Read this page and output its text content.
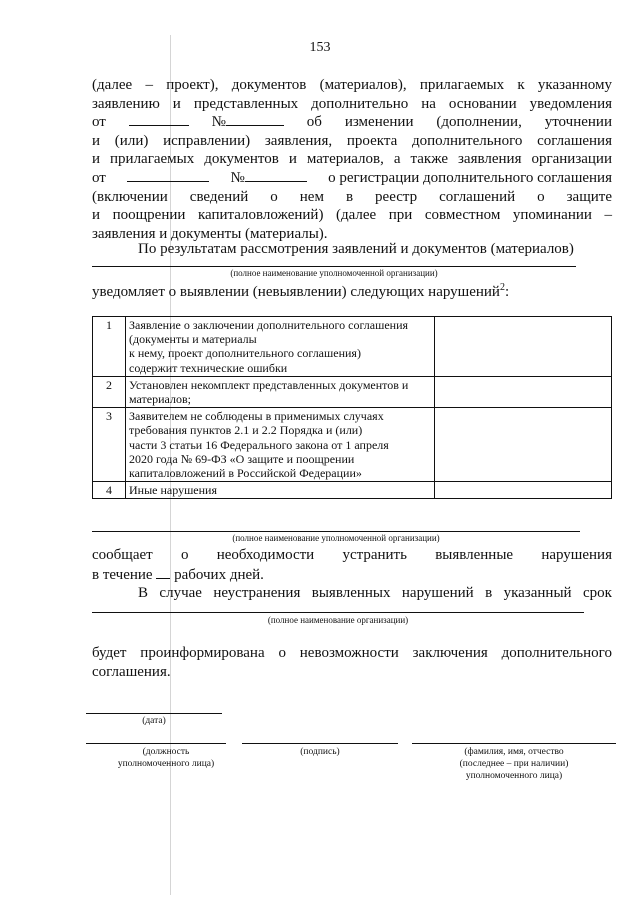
153
(далее – проект), документов (материалов), прилагаемых к указанному
заявлению и представленных дополнительно на основании уведомления
от	№	об изменении (дополнении, уточнении
и (или) исправлении) заявления, проекта дополнительного соглашения
и прилагаемых документов и материалов, а также заявления организации
от	№	о регистрации дополнительного соглашения
(включении сведений о нем в реестр соглашений о защите
и поощрении капиталовложений) (далее при совместном упоминании –
заявления и документы (материалы).
По результатам рассмотрения заявлений и документов (материалов)
(полное наименование уполномоченной организации)
уведомляет о выявлении (невыявлении) следующих нарушений$^2$:
1	Заявление о заключении дополнительного соглашения
(документы и материалы
к нему, проект дополнительного соглашения)
содержит технические ошибки	

2	Установлен некомплект представленных документов и
материалов;	

3	Заявителем не соблюдены в применимых случаях
требования пунктов 2.1 и 2.2 Порядка и (или)
части 3 статьи 16 Федерального закона от 1 апреля
2020 года № 69-ФЗ «О защите и поощрении
капиталовложений в Российской Федерации»	

4	Иные нарушения	

(полное наименование уполномоченной организации)
сообщает о необходимости устранить выявленные нарушения
в течение рабочих дней.
В случае неустранения выявленных нарушений в указанный срок
(полное наименование организации)
будет проинформирована о невозможности заключения дополнительного
соглашения.
(дата)
(должность
уполномоченного лица)
(подпись)	(фамилия, имя, отчество
(последнее – при наличии)
уполномоченного лица)
